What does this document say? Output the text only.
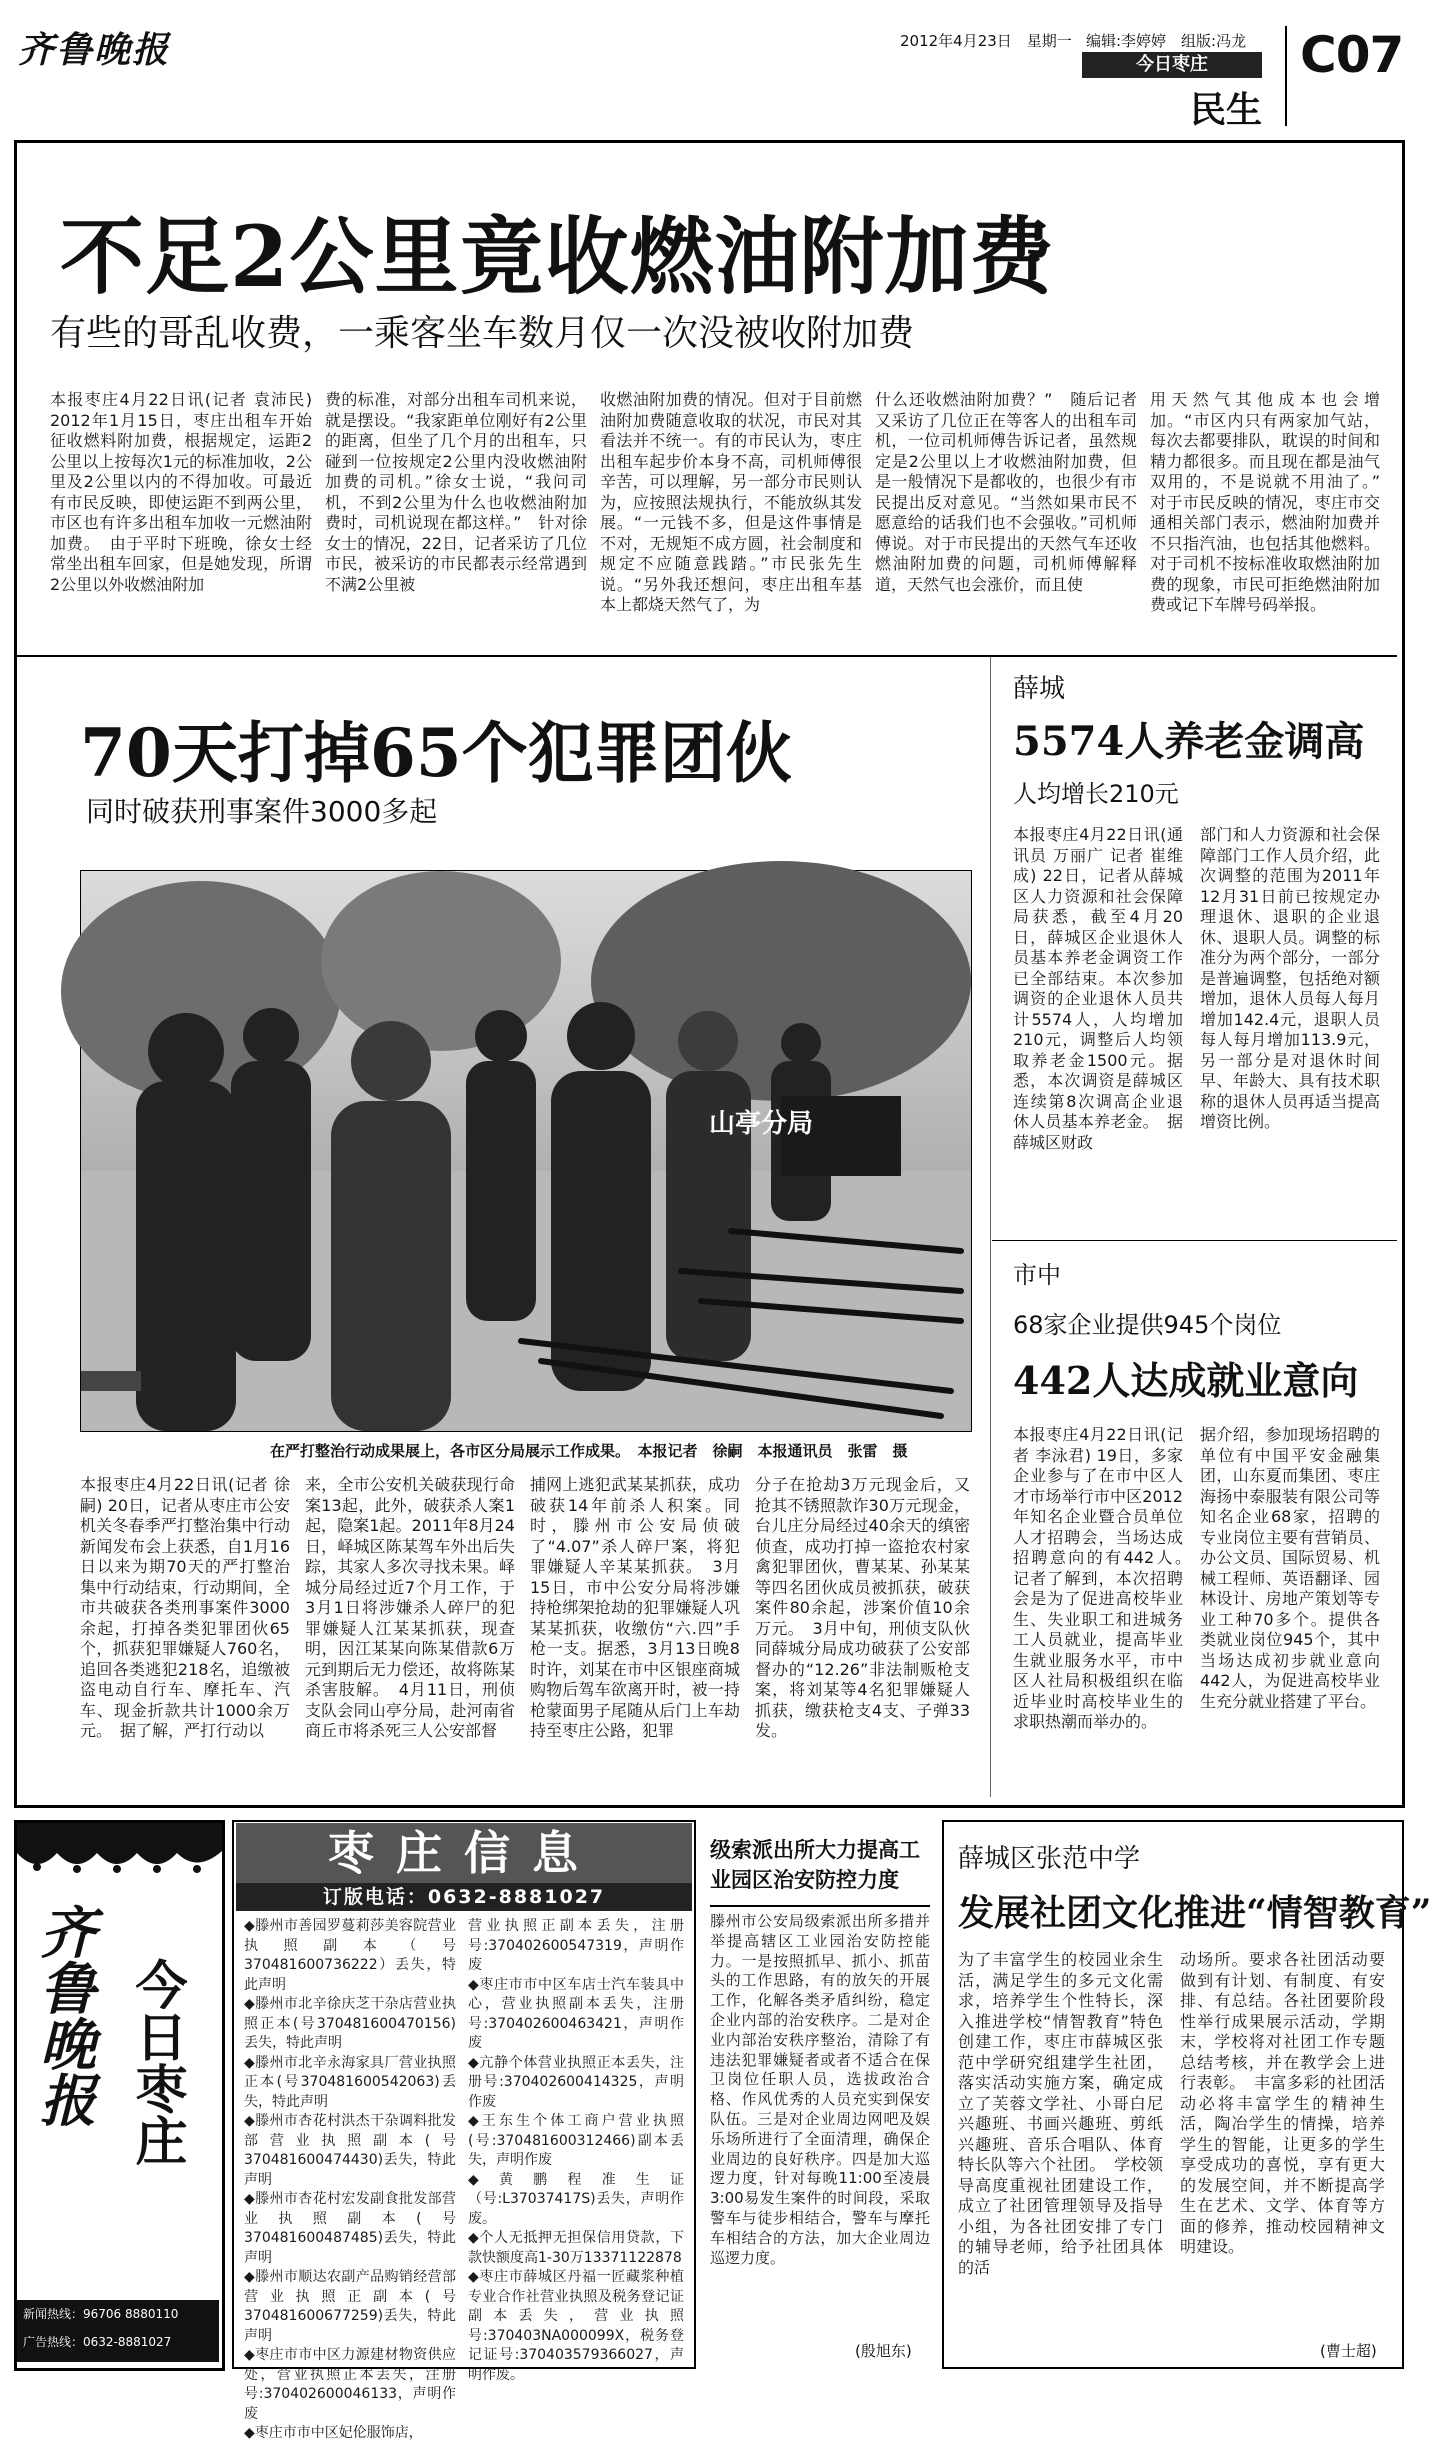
齐鲁晚报	2012年4月23日　星期一 编辑:李婷婷　组版:冯龙
今日枣庄
民生
C07
不足2公里竟收燃油附加费
有些的哥乱收费，一乘客坐车数月仅一次没被收附加费
本报枣庄4月22日讯(记者 袁沛民) 2012年1月15日，枣庄出租车开始征收燃料附加费，根据规定，运距2公里以上按每次1元的标准加收，2公里及2公里以内的不得加收。可最近有市民反映，即使运距不到两公里，市区也有许多出租车加收一元燃油附加费。　由于平时下班晚，徐女士经常坐出租车回家，但是她发现，所谓2公里以外收燃油附加
费的标准，对部分出租车司机来说，就是摆设。“我家距单位刚好有2公里的距离，但坐了几个月的出租车，只碰到一位按规定2公里内没收燃油附加费的司机。”徐女士说，“我问司机，不到2公里为什么也收燃油附加费时，司机说现在都这样。”　针对徐女士的情况，22日，记者采访了几位市民，被采访的市民都表示经常遇到不满2公里被
收燃油附加费的情况。但对于目前燃油附加费随意收取的状况，市民对其看法并不统一。有的市民认为，枣庄出租车起步价本身不高，司机师傅很辛苦，可以理解，另一部分市民则认为，应按照法规执行，不能放纵其发展。“一元钱不多，但是这件事情是不对，无规矩不成方圆，社会制度和规定不应随意践踏。”市民张先生说。“另外我还想问，枣庄出租车基本上都烧天然气了，为
什么还收燃油附加费？”　随后记者又采访了几位正在等客人的出租车司机，一位司机师傅告诉记者，虽然规定是2公里以上才收燃油附加费，但是一般情况下是都收的，也很少有市民提出反对意见。“当然如果市民不愿意给的话我们也不会强收。”司机师傅说。对于市民提出的天然气车还收燃油附加费的问题，司机师傅解释道，天然气也会涨价，而且使
用天然气其他成本也会增加。“市区内只有两家加气站，每次去都要排队，耽误的时间和精力都很多。而且现在都是油气双用的，不是说就不用油了。”　对于市民反映的情况，枣庄市交通相关部门表示，燃油附加费并不只指汽油，也包括其他燃料。对于司机不按标准收取燃油附加费的现象，市民可拒绝燃油附加费或记下车牌号码举报。
70天打掉65个犯罪团伙
同时破获刑事案件3000多起
山亭分局
在严打整治行动成果展上，各市区分局展示工作成果。　本报记者　徐嗣　本报通讯员　张雷　摄
本报枣庄4月22日讯(记者 徐嗣) 20日，记者从枣庄市公安机关冬春季严打整治集中行动新闻发布会上获悉，自1月16日以来为期70天的严打整治集中行动结束，行动期间，全市共破获各类刑事案件3000余起，打掉各类犯罪团伙65个，抓获犯罪嫌疑人760名，追回各类逃犯218名，追缴被盗电动自行车、摩托车、汽车、现金折款共计1000余万元。　据了解，严打行动以
来，全市公安机关破获现行命案13起，此外，破获杀人案1起，隐案1起。2011年8月24日，峄城区陈某驾车外出后失踪，其家人多次寻找未果。峄城分局经过近7个月工作，于3月1日将涉嫌杀人碎尸的犯罪嫌疑人江某某抓获，现查明，因江某某向陈某借款6万元到期后无力偿还，故将陈某杀害肢解。　4月11日，刑侦支队会同山亭分局，赴河南省商丘市将杀死三人公安部督
捕网上逃犯武某某抓获，成功破获14年前杀人积案。同时，滕州市公安局侦破了“4.07”杀人碎尸案，将犯罪嫌疑人辛某某抓获。　3月15日，市中公安分局将涉嫌持枪绑架抢劫的犯罪嫌疑人巩某某抓获，收缴仿“六.四”手枪一支。据悉，3月13日晚8时许，刘某在市中区银座商城购物后驾车欲离开时，被一持枪蒙面男子尾随从后门上车劫持至枣庄公路，犯罪
分子在抢劫3万元现金后，又抢其不锈照款诈30万元现金，台儿庄分局经过40余天的缜密侦查，成功打掉一盗抢农村家禽犯罪团伙，曹某某、孙某某等四名团伙成员被抓获，破获案件80余起，涉案价值10余万元。　3月中旬，刑侦支队伙同薛城分局成功破获了公安部督办的“12.26”非法制贩枪支案，将刘某等4名犯罪嫌疑人抓获，缴获枪支4支、子弹33发。
薛城
5574人养老金调高
人均增长210元
本报枣庄4月22日讯(通讯员 万丽广 记者 崔维成) 22日，记者从薛城区人力资源和社会保障局获悉，截至4月20日，薛城区企业退休人员基本养老金调资工作已全部结束。本次参加调资的企业退休人员共计5574人，人均增加210元，调整后人均领取养老金1500元。据悉，本次调资是薛城区连续第8次调高企业退休人员基本养老金。　据薛城区财政
部门和人力资源和社会保障部门工作人员介绍，此次调整的范围为2011年12月31日前已按规定办理退休、退职的企业退休、退职人员。调整的标准分为两个部分，一部分是普遍调整，包括绝对额增加，退休人员每人每月增加142.4元，退职人员每人每月增加113.9元，另一部分是对退休时间早、年龄大、具有技术职称的退休人员再适当提高增资比例。
市中
68家企业提供945个岗位
442人达成就业意向
本报枣庄4月22日讯(记者 李泳君) 19日，多家企业参与了在市中区人才市场举行市中区2012年知名企业暨合员单位人才招聘会，当场达成招聘意向的有442人。　记者了解到，本次招聘会是为了促进高校毕业生、失业职工和进城务工人员就业，提高毕业生就业服务水平，市中区人社局积极组织在临近毕业时高校毕业生的求职热潮而举办的。
据介绍，参加现场招聘的单位有中国平安金融集团，山东夏而集团、枣庄海扬中泰服装有限公司等知名企业68家，招聘的专业岗位主要有营销员、办公文员、国际贸易、机械工程师、英语翻译、园林设计、房地产策划等专业工种70多个。提供各类就业岗位945个，其中当场达成初步就业意向442人，为促进高校毕业生充分就业搭建了平台。
齐鲁晚报 今日枣庄
新闻热线：96706 8880110
广告热线：0632-8881027
枣庄信息
订版电话：0632-8881027
◆滕州市善园罗蔓莉莎美容院营业执照副本（号370481600736222）丢失，特此声明
◆滕州市北辛徐庆芝干杂店营业执照正本(号370481600470156)丢失，特此声明
◆滕州市北辛永海家具厂营业执照正本(号370481600542063)丢失，特此声明
◆滕州市杏花村洪杰干杂调料批发部营业执照副本(号370481600474430)丢失，特此声明
◆滕州市杏花村宏发副食批发部营业执照副本(号370481600487485)丢失，特此声明
◆滕州市顺达农副产品购销经营部营业执照正副本(号370481600677259)丢失，特此声明
◆枣庄市市中区力源建材物资供应处，营业执照正本丢失，注册号:370402600046133，声明作废
◆枣庄市市中区妃伦服饰店，
营业执照正副本丢失，注册号:370402600547319，声明作废
◆枣庄市市中区车店士汽车装具中心，营业执照副本丢失，注册号:370402600463421，声明作废
◆亢静个体营业执照正本丢失，注册号:370402600414325，声明作废
◆王东生个体工商户营业执照(号:370481600312466)副本丢失，声明作废
◆黄鹏程准生证（号:L37037417S)丢失，声明作废。
◆个人无抵押无担保信用贷款，下款快额度高1-30万13371122878
◆枣庄市薛城区丹福一匠藏浆种植专业合作社营业执照及税务登记证副本丢失，营业执照号:370403NA000099X，税务登记证号:370403579366027，声明作废。
级索派出所大力提高工业园区治安防控力度
滕州市公安局级索派出所多措并举提高辖区工业园治安防控能力。一是按照抓早、抓小、抓苗头的工作思路，有的放矢的开展工作，化解各类矛盾纠纷，稳定企业内部的治安秩序。二是对企业内部治安秩序整治，清除了有违法犯罪嫌疑者或者不适合在保卫岗位任职人员，选拔政治合格、作风优秀的人员充实到保安队伍。三是对企业周边网吧及娱乐场所进行了全面清理，确保企业周边的良好秩序。四是加大巡逻力度，针对每晚11:00至凌晨3:00易发生案件的时间段，采取警车与徒步相结合，警车与摩托车相结合的方法，加大企业周边巡逻力度。
(殷旭东)
薛城区张范中学
发展社团文化推进“情智教育”
为了丰富学生的校园业余生活，满足学生的多元文化需求，培养学生个性特长，深入推进学校“情智教育”特色创建工作，枣庄市薛城区张范中学研究组建学生社团，落实活动实施方案，确定成立了芙蓉文学社、小哥白尼兴趣班、书画兴趣班、剪纸兴趣班、音乐合唱队、体育特长队等六个社团。　学校领导高度重视社团建设工作，成立了社团管理领导及指导小组，为各社团安排了专门的辅导老师，给予社团具体的活
动场所。要求各社团活动要做到有计划、有制度、有安排、有总结。各社团要阶段性举行成果展示活动，学期末，学校将对社团工作专题总结考核，并在教学会上进行表彰。　丰富多彩的社团活动必将丰富学生的精神生活，陶冶学生的情操，培养学生的智能，让更多的学生享受成功的喜悦，享有更大的发展空间，并不断提高学生在艺术、文学、体育等方面的修养，推动校园精神文明建设。
(曹士超)
